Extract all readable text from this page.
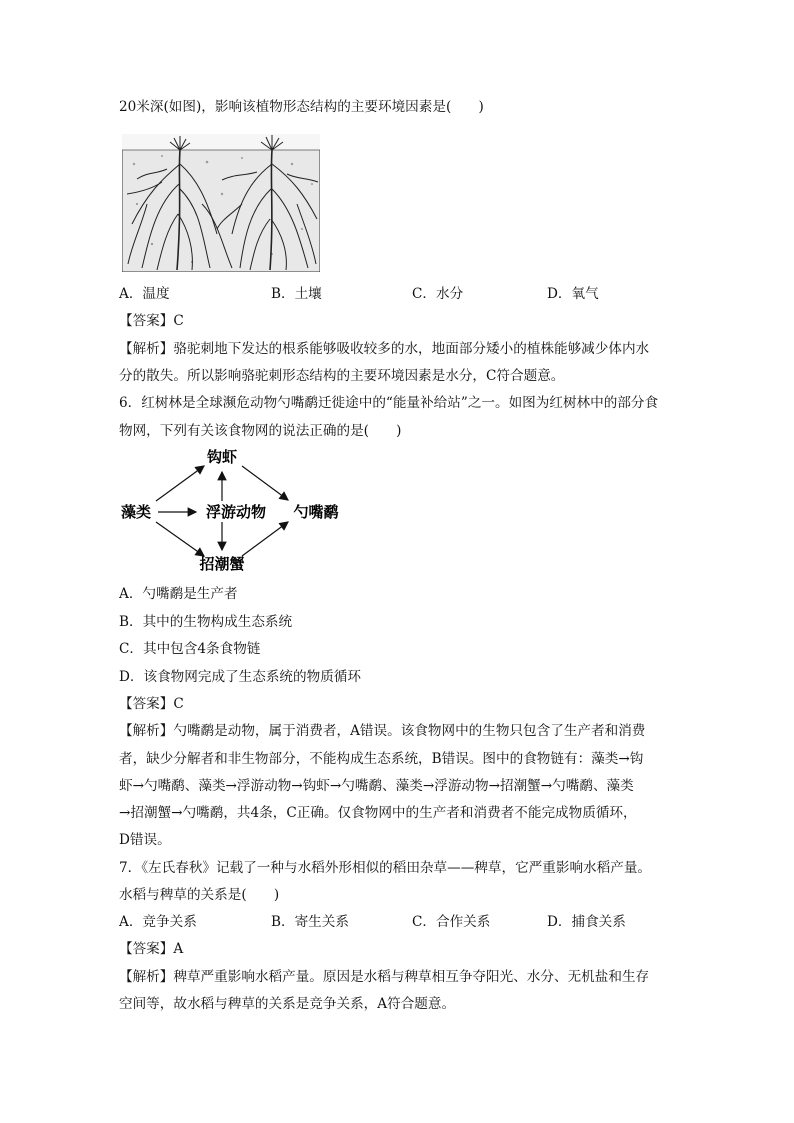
20米深(如图)，影响该植物形态结构的主要环境因素是(　　)
A．温度	B．土壤	C．水分	D．氧气
【答案】C
【解析】骆驼刺地下发达的根系能够吸收较多的水，地面部分矮小的植株能够减少体内水
分的散失。所以影响骆驼刺形态结构的主要环境因素是水分，C符合题意。
6．红树林是全球濒危动物勺嘴鹬迁徙途中的“能量补给站”之一。如图为红树林中的部分食
物网，下列有关该食物网的说法正确的是(　　)
钩虾
藻类	浮游动物 勺嘴鹬
招潮蟹
A．勺嘴鹬是生产者
B．其中的生物构成生态系统
C．其中包含4条食物链
D．该食物网完成了生态系统的物质循环
【答案】C
【解析】勺嘴鹬是动物，属于消费者，A错误。该食物网中的生物只包含了生产者和消费
者，缺少分解者和非生物部分，不能构成生态系统，B错误。图中的食物链有：藻类→钩
虾→勺嘴鹬、藻类→浮游动物→钩虾→勺嘴鹬、藻类→浮游动物→招潮蟹→勺嘴鹬、藻类
→招潮蟹→勺嘴鹬，共4条，C正确。仅食物网中的生产者和消费者不能完成物质循环，
D错误。
7．《左氏春秋》记载了一种与水稻外形相似的稻田杂草——稗草，它严重影响水稻产量。
水稻与稗草的关系是(　　)
A．竞争关系	B．寄生关系	C．合作关系	D．捕食关系
【答案】A
【解析】稗草严重影响水稻产量。原因是水稻与稗草相互争夺阳光、水分、无机盐和生存
空间等，故水稻与稗草的关系是竞争关系，A符合题意。
